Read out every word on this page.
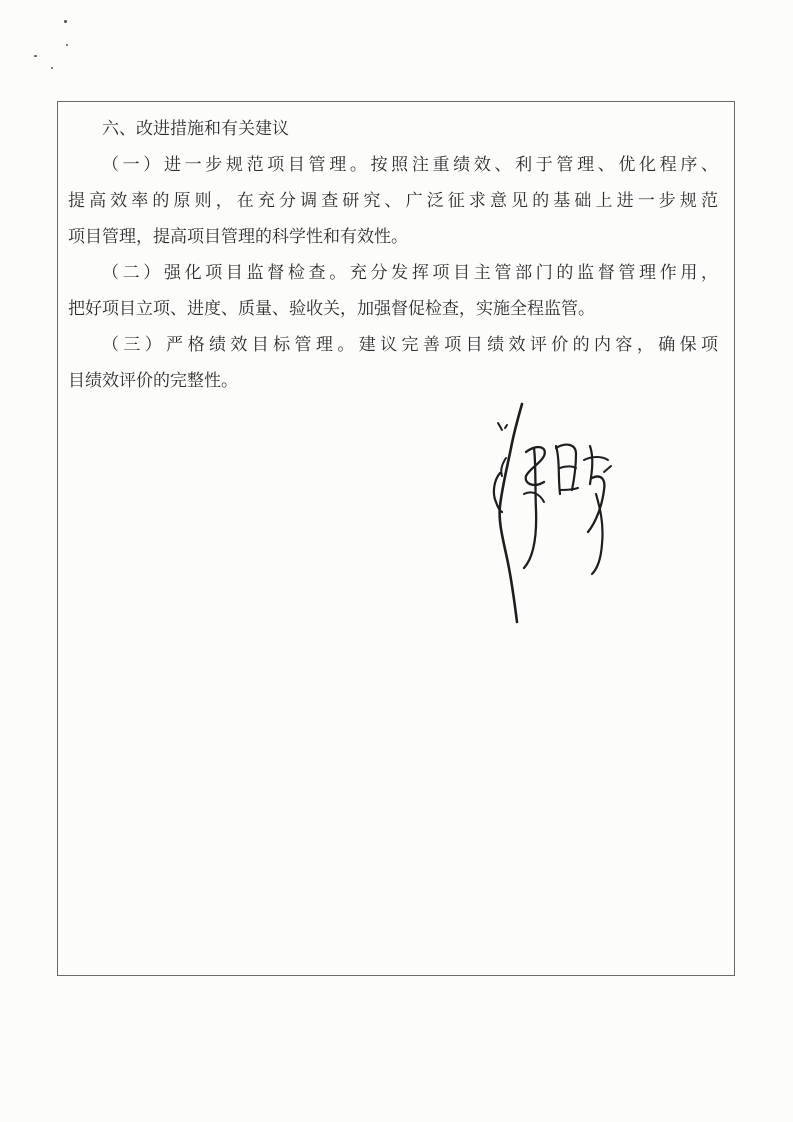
六、改进措施和有关建议

（一）进一步规范项目管理。按照注重绩效、利于管理、优化程序、

提高效率的原则，在充分调查研究、广泛征求意见的基础上进一步规范

项目管理，提高项目管理的科学性和有效性。

（二）强化项目监督检查。充分发挥项目主管部门的监督管理作用，

把好项目立项、进度、质量、验收关，加强督促检查，实施全程监管。

（三）严格绩效目标管理。建议完善项目绩效评价的内容，确保项

目绩效评价的完整性。
